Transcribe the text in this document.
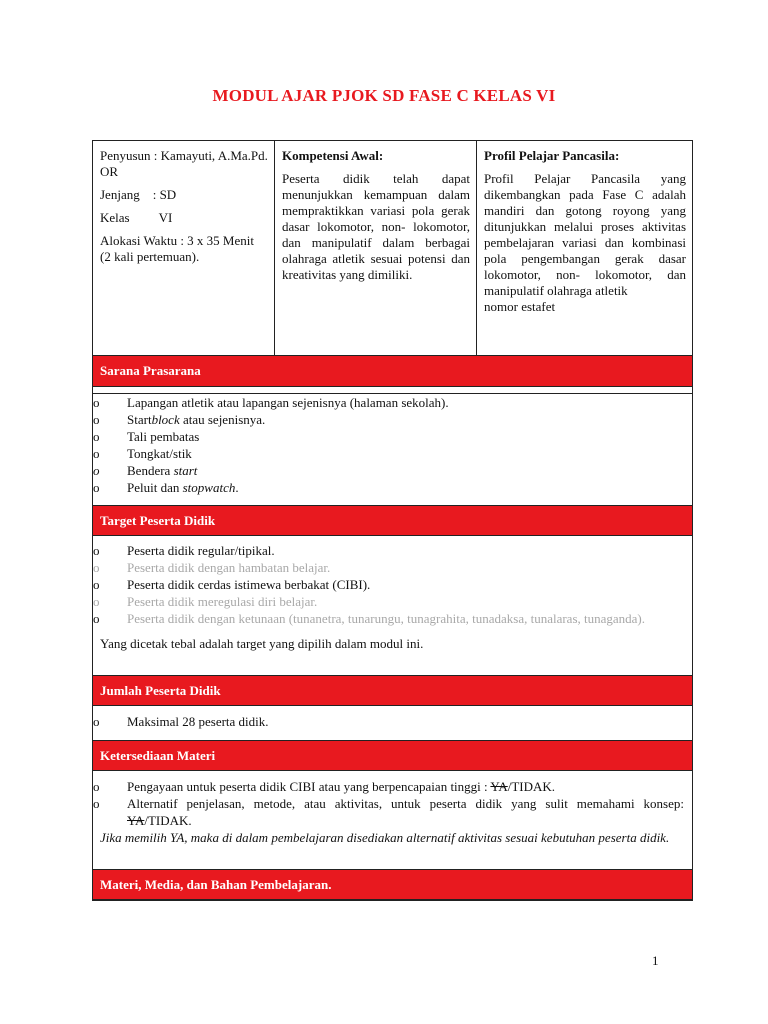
MODUL AJAR PJOK SD FASE C KELAS VI

Penyusun : Kamayuti, A.Ma.Pd. OR

Jenjang    : SD

Kelas         VI

Alokasi Waktu : 3 x 35 Menit (2 kali pertemuan).

Kompetensi Awal:
Peserta didik telah dapat menunjukkan kemampuan dalam mempraktikkan variasi pola gerak dasar lokomotor, non- lokomotor, dan manipulatif dalam berbagai olahraga atletik sesuai potensi dan kreativitas yang dimiliki.
Profil Pelajar Pancasila:
Profil Pelajar Pancasila yang dikembangkan pada Fase C adalah mandiri dan gotong royong yang ditunjukkan melalui proses aktivitas pembelajaran variasi dan kombinasi pola pengembangan gerak dasar lokomotor, non- lokomotor, dan manipulatif olahraga atletik
nomor estafet
Sarana Prasarana
o Lapangan atletik atau lapangan sejenisnya (halaman sekolah).
o Startblock atau sejenisnya.
o Tali pembatas
o Tongkat/stik
o Bendera start
o Peluit dan stopwatch.
Target Peserta Didik
o Peserta didik regular/tipikal.
o Peserta didik dengan hambatan belajar.
o Peserta didik cerdas istimewa berbakat (CIBI).
o Peserta didik meregulasi diri belajar.
o Peserta didik dengan ketunaan (tunanetra, tunarungu, tunagrahita, tunadaksa, tunalaras, tunaganda).
Yang dicetak tebal adalah target yang dipilih dalam modul ini.
Jumlah Peserta Didik
o Maksimal 28 peserta didik.
Ketersediaan Materi
o Pengayaan untuk peserta didik CIBI atau yang berpencapaian tinggi : YA/TIDAK.
o Alternatif penjelasan, metode, atau aktivitas, untuk peserta didik yang sulit memahami konsep: YA/TIDAK.
Jika memilih YA, maka di dalam pembelajaran disediakan alternatif aktivitas sesuai kebutuhan peserta didik.
Materi, Media, dan Bahan Pembelajaran.
1
